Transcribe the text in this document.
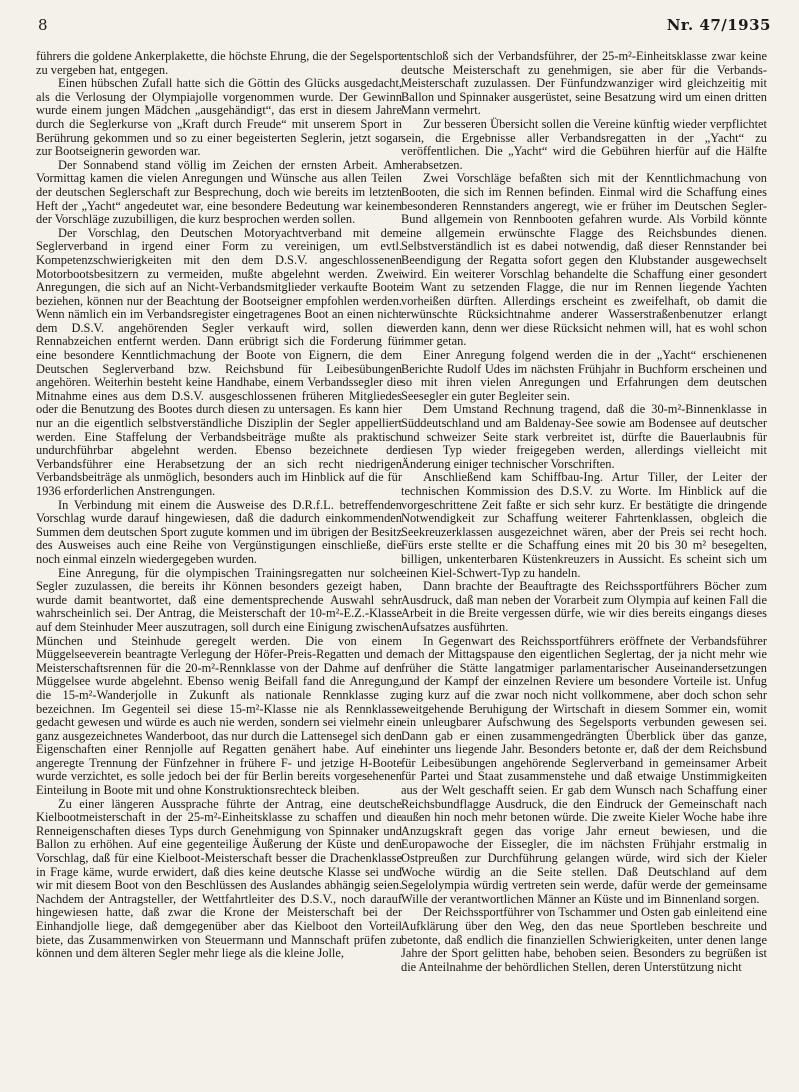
8	Nr. 47/1935

führers die goldene Ankerplakette, die höchste Ehrung, die der Segelsport zu vergeben hat, entgegen.

Einen hübschen Zufall hatte sich die Göttin des Glücks ausgedacht, als die Verlosung der Olympiajolle vorgenommen wurde. Der Gewinn wurde einem jungen Mädchen „ausgehändigt“, das erst in diesem Jahre durch die Seglerkurse von „Kraft durch Freude“ mit unserem Sport in Berührung gekommen und so zu einer begeisterten Seglerin, jetzt sogar zur Bootseignerin geworden war.

Der Sonnabend stand völlig im Zeichen der ernsten Arbeit. Am Vormittag kamen die vielen Anregungen und Wünsche aus allen Teilen der deutschen Seglerschaft zur Besprechung, doch wie bereits im letzten Heft der „Yacht“ angedeutet war, eine besondere Bedeutung war keinem der Vorschläge zuzubilligen, die kurz besprochen werden sollen.

Der Vorschlag, den Deutschen Motoryachtverband mit dem Seglerverband in irgend einer Form zu vereinigen, um evtl. Kompetenzschwierigkeiten mit den dem D.S.V. angeschlossenen Motorbootsbesitzern zu vermeiden, mußte abgelehnt werden. Zwei Anregungen, die sich auf an Nicht-Verbandsmitglieder verkaufte Boote beziehen, können nur der Beachtung der Bootseigner empfohlen werden. Wenn nämlich ein im Verbandsregister eingetragenes Boot an einen nicht dem D.S.V. angehörenden Segler verkauft wird, sollen die Rennabzeichen entfernt werden. Dann erübrigt sich die Forderung für eine besondere Kenntlichmachung der Boote von Eignern, die dem Deutschen Seglerverband bzw. Reichsbund für Leibesübungen angehören. Weiterhin besteht keine Handhabe, einem Verbandssegler die Mitnahme eines aus dem D.S.V. ausgeschlossenen früheren Mitgliedes oder die Benutzung des Bootes durch diesen zu untersagen. Es kann hier nur an die eigentlich selbstverständliche Disziplin der Segler appelliert werden. Eine Staffelung der Verbandsbeiträge mußte als praktisch undurchführbar abgelehnt werden. Ebenso bezeichnete der Verbandsführer eine Herabsetzung der an sich recht niedrigen Verbandsbeiträge als unmöglich, besonders auch im Hinblick auf die für 1936 erforderlichen Anstrengungen.

In Verbindung mit einem die Ausweise des D.R.f.L. betreffenden Vorschlag wurde darauf hingewiesen, daß die dadurch einkommenden Summen dem deutschen Sport zugute kommen und im übrigen der Besitz des Ausweises auch eine Reihe von Vergünstigungen einschließe, die noch einmal einzeln wiedergegeben wurden.

Eine Anregung, für die olympischen Trainingsregatten nur solche Segler zuzulassen, die bereits ihr Können besonders gezeigt haben, wurde damit beantwortet, daß eine dementsprechende Auswahl sehr wahrscheinlich sei. Der Antrag, die Meisterschaft der 10-m²-E.Z.-Klasse auf dem Steinhuder Meer auszutragen, soll durch eine Einigung zwischen München und Steinhude geregelt werden. Die von einem Müggelseeverein beantragte Verlegung der Höfer-Preis-Regatten und der Meisterschaftsrennen für die 20-m²-Rennklasse von der Dahme auf den Müggelsee wurde abgelehnt. Ebenso wenig Beifall fand die Anregung, die 15-m²-Wanderjolle in Zukunft als nationale Rennklasse zu bezeichnen. Im Gegenteil sei diese 15-m²-Klasse nie als Rennklasse gedacht gewesen und würde es auch nie werden, sondern sei vielmehr ein ganz ausgezeichnetes Wanderboot, das nur durch die Lattensegel sich den Eigenschaften einer Rennjolle auf Regatten genähert habe. Auf eine angeregte Trennung der Fünfzehner in frühere F- und jetzige H-Boote wurde verzichtet, es solle jedoch bei der für Berlin bereits vorgesehenen Einteilung in Boote mit und ohne Konstruktionsrechteck bleiben.

Zu einer längeren Aussprache führte der Antrag, eine deutsche Kielbootmeisterschaft in der 25-m²-Einheitsklasse zu schaffen und die Renneigenschaften dieses Typs durch Genehmigung von Spinnaker und Ballon zu erhöhen. Auf eine gegenteilige Äußerung der Küste und den Vorschlag, daß für eine Kielboot-Meisterschaft besser die Drachenklasse in Frage käme, wurde erwidert, daß dies keine deutsche Klasse sei und wir mit diesem Boot von den Beschlüssen des Auslandes abhängig seien. Nachdem der Antragsteller, der Wettfahrtleiter des D.S.V., noch darauf hingewiesen hatte, daß zwar die Krone der Meisterschaft bei der Einhandjolle liege, daß demgegenüber aber das Kielboot den Vorteil biete, das Zusammenwirken von Steuermann und Mannschaft prüfen zu können und dem älteren Segler mehr liege als die kleine Jolle,

entschloß sich der Verbandsführer, der 25-m²-Einheitsklasse zwar keine deutsche Meisterschaft zu genehmigen, sie aber für die Verbands-Meisterschaft zuzulassen. Der Fünfundzwanziger wird gleichzeitig mit Ballon und Spinnaker ausgerüstet, seine Besatzung wird um einen dritten Mann vermehrt.

Zur besseren Übersicht sollen die Vereine künftig wieder verpflichtet sein, die Ergebnisse aller Verbandsregatten in der „Yacht“ zu veröffentlichen. Die „Yacht“ wird die Gebühren hierfür auf die Hälfte herabsetzen.

Zwei Vorschläge befaßten sich mit der Kenntlichmachung von Booten, die sich im Rennen befinden. Einmal wird die Schaffung eines besonderen Rennstanders angeregt, wie er früher im Deutschen Segler-Bund allgemein von Rennbooten gefahren wurde. Als Vorbild könnte eine allgemein erwünschte Flagge des Reichsbundes dienen. Selbstverständlich ist es dabei notwendig, daß dieser Rennstander bei Beendigung der Regatta sofort gegen den Klubstander ausgewechselt wird. Ein weiterer Vorschlag behandelte die Schaffung einer gesondert im Want zu setzenden Flagge, die nur im Rennen liegende Yachten vorheißen dürften. Allerdings erscheint es zweifelhaft, ob damit die erwünschte Rücksichtnahme anderer Wasserstraßenbenutzer erlangt werden kann, denn wer diese Rücksicht nehmen will, hat es wohl schon immer getan.

Einer Anregung folgend werden die in der „Yacht“ erschienenen Berichte Rudolf Udes im nächsten Frühjahr in Buchform erscheinen und so mit ihren vielen Anregungen und Erfahrungen dem deutschen Seesegler ein guter Begleiter sein.

Dem Umstand Rechnung tragend, daß die 30-m²-Binnenklasse in Süddeutschland und am Baldenay-See sowie am Bodensee auf deutscher und schweizer Seite stark verbreitet ist, dürfte die Bauerlaubnis für diesen Typ wieder freigegeben werden, allerdings vielleicht mit Änderung einiger technischer Vorschriften.

Anschließend kam Schiffbau-Ing. Artur Tiller, der Leiter der technischen Kommission des D.S.V. zu Worte. Im Hinblick auf die vorgeschrittene Zeit faßte er sich sehr kurz. Er bestätigte die dringende Notwendigkeit zur Schaffung weiterer Fahrtenklassen, obgleich die Seekreuzerklassen ausgezeichnet wären, aber der Preis sei recht hoch. Fürs erste stellte er die Schaffung eines mit 20 bis 30 m² besegelten, billigen, unkenterbaren Küstenkreuzers in Aussicht. Es scheint sich um einen Kiel-Schwert-Typ zu handeln.

Dann brachte der Beauftragte des Reichssportführers Böcher zum Ausdruck, daß man neben der Vorarbeit zum Olympia auf keinen Fall die Arbeit in die Breite vergessen dürfe, wie wir dies bereits eingangs dieses Aufsatzes ausführten.

In Gegenwart des Reichssportführers eröffnete der Verbandsführer nach der Mittagspause den eigentlichen Seglertag, der ja nicht mehr wie früher die Stätte langatmiger parlamentarischer Auseinandersetzungen und der Kampf der einzelnen Reviere um besondere Vorteile ist. Unfug ging kurz auf die zwar noch nicht vollkommene, aber doch schon sehr weitgehende Beruhigung der Wirtschaft in diesem Sommer ein, womit ein unleugbarer Aufschwung des Segelsports verbunden gewesen sei. Dann gab er einen zusammengedrängten Überblick über das ganze, hinter uns liegende Jahr. Besonders betonte er, daß der dem Reichsbund für Leibesübungen angehörende Seglerverband in gemeinsamer Arbeit für Partei und Staat zusammenstehe und daß etwaige Unstimmigkeiten aus der Welt geschafft seien. Er gab dem Wunsch nach Schaffung einer Reichsbundflagge Ausdruck, die den Eindruck der Gemeinschaft nach außen hin noch mehr betonen würde. Die zweite Kieler Woche habe ihre Anzugskraft gegen das vorige Jahr erneut bewiesen, und die Europawoche der Eissegler, die im nächsten Frühjahr erstmalig in Ostpreußen zur Durchführung gelangen würde, wird sich der Kieler Woche würdig an die Seite stellen. Daß Deutschland auf dem Segelolympia würdig vertreten sein werde, dafür werde der gemeinsame Wille der verantwortlichen Männer an Küste und im Binnenland sorgen.

Der Reichssportführer von Tschammer und Osten gab einleitend eine Aufklärung über den Weg, den das neue Sportleben beschreite und betonte, daß endlich die finanziellen Schwierigkeiten, unter denen lange Jahre der Sport gelitten habe, behoben seien. Besonders zu begrüßen ist die Anteilnahme der behördlichen Stellen, deren Unterstützung nicht
